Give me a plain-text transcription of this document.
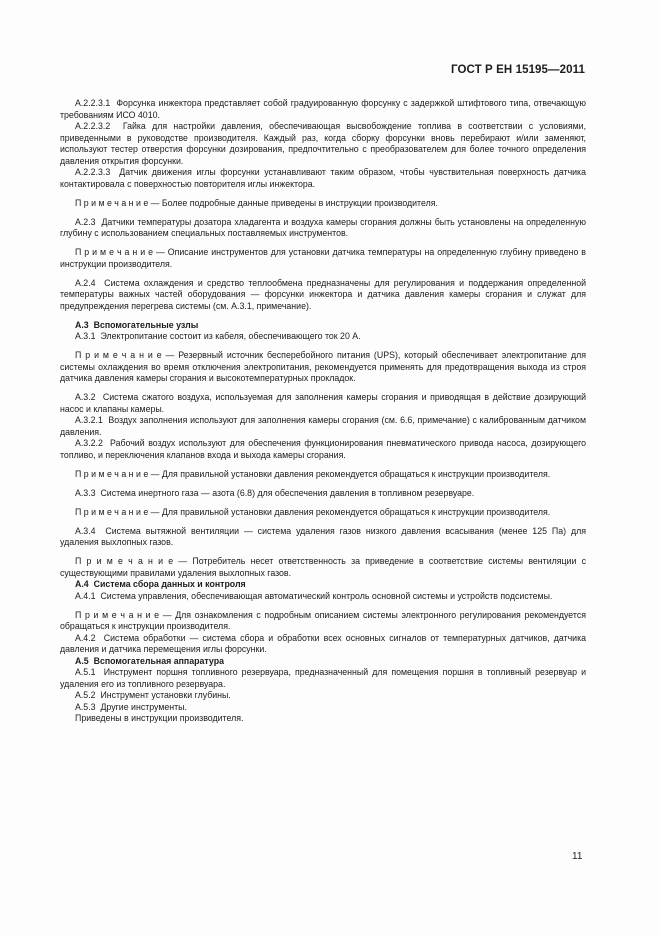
ГОСТ Р ЕН 15195—2011

A.2.2.3.1 Форсунка инжектора представляет собой градуированную форсунку с задержкой штифтового типа, отвечающую требованиям ИСО 4010.

A.2.2.3.2 Гайка для настройки давления, обеспечивающая высвобождение топлива в соответствии с условиями, приведенными в руководстве производителя. Каждый раз, когда сборку форсунки вновь перебирают и/или заменяют, используют тестер отверстия форсунки дозирования, предпочтительно с преобразователем для более точного определения давления открытия форсунки.

A.2.2.3.3 Датчик движения иглы форсунки устанавливают таким образом, чтобы чувствительная поверхность датчика контактировала с поверхностью повторителя иглы инжектора.

П р и м е ч а н и е — Более подробные данные приведены в инструкции производителя.

A.2.3 Датчики температуры дозатора хладагента и воздуха камеры сгорания должны быть установлены на определенную глубину с использованием специальных поставляемых инструментов.

П р и м е ч а н и е — Описание инструментов для установки датчика температуры на определенную глубину приведено в инструкции производителя.

A.2.4 Система охлаждения и средство теплообмена предназначены для регулирования и поддержания определенной температуры важных частей оборудования — форсунки инжектора и датчика давления камеры сгорания и служат для предупреждения перегрева системы (см. A.3.1, примечание).

A.3 Вспомогательные узлы

A.3.1 Электропитание состоит из кабеля, обеспечивающего ток 20 А.

П р и м е ч а н и е — Резервный источник бесперебойного питания (UPS), который обеспечивает электропитание для системы охлаждения во время отключения электропитания, рекомендуется применять для предотвращения выхода из строя датчика давления камеры сгорания и высокотемпературных прокладок.

A.3.2 Система сжатого воздуха, используемая для заполнения камеры сгорания и приводящая в действие дозирующий насос и клапаны камеры.

A.3.2.1 Воздух заполнения используют для заполнения камеры сгорания (см. 6.6, примечание) с калиброванным датчиком давления.

A.3.2.2 Рабочий воздух используют для обеспечения функционирования пневматического привода насоса, дозирующего топливо, и переключения клапанов входа и выхода камеры сгорания.

П р и м е ч а н и е — Для правильной установки давления рекомендуется обращаться к инструкции производителя.

A.3.3 Система инертного газа — азота (6.8) для обеспечения давления в топливном резервуаре.

П р и м е ч а н и е — Для правильной установки давления рекомендуется обращаться к инструкции производителя.

A.3.4 Система вытяжной вентиляции — система удаления газов низкого давления всасывания (менее 125 Па) для удаления выхлопных газов.

П р и м е ч а н и е — Потребитель несет ответственность за приведение в соответствие системы вентиляции с существующими правилами удаления выхлопных газов.

A.4 Система сбора данных и контроля

A.4.1 Система управления, обеспечивающая автоматический контроль основной системы и устройств подсистемы.

П р и м е ч а н и е — Для ознакомления с подробным описанием системы электронного регулирования рекомендуется обращаться к инструкции производителя.

A.4.2 Система обработки — система сбора и обработки всех основных сигналов от температурных датчиков, датчика давления и датчика перемещения иглы форсунки.

A.5 Вспомогательная аппаратура

A.5.1 Инструмент поршня топливного резервуара, предназначенный для помещения поршня в топливный резервуар и удаления его из топливного резервуара.

A.5.2 Инструмент установки глубины.

A.5.3 Другие инструменты.

Приведены в инструкции производителя.

11
